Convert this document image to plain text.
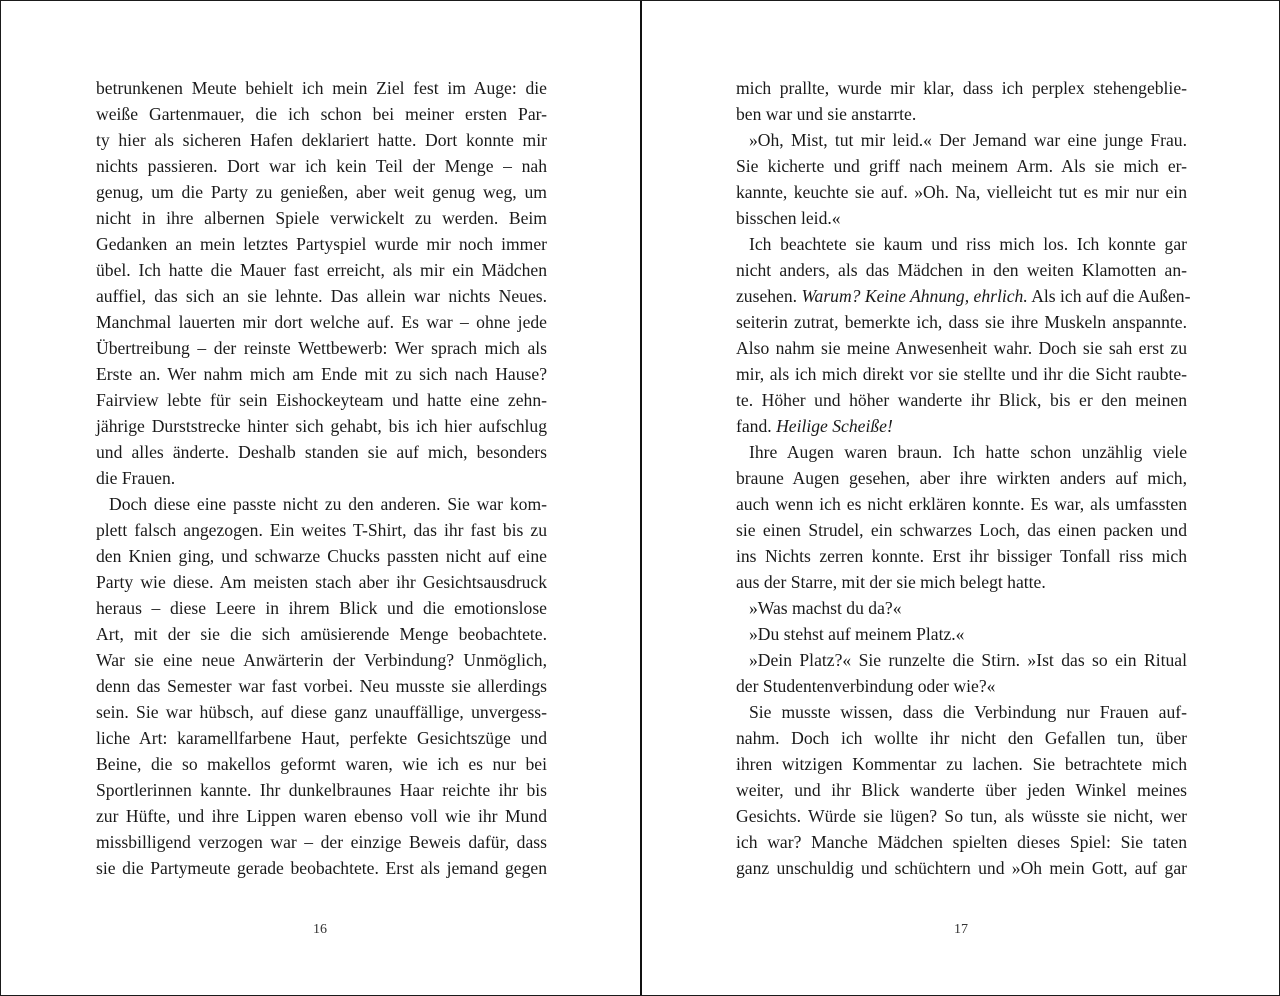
betrunkenen Meute behielt ich mein Ziel fest im Auge: die
weiße Gartenmauer, die ich schon bei meiner ersten Par-
ty hier als sicheren Hafen deklariert hatte. Dort konnte mir
nichts passieren. Dort war ich kein Teil der Menge – nah
genug, um die Party zu genießen, aber weit genug weg, um
nicht in ihre albernen Spiele verwickelt zu werden. Beim
Gedanken an mein letztes Partyspiel wurde mir noch immer
übel. Ich hatte die Mauer fast erreicht, als mir ein Mädchen
auffiel, das sich an sie lehnte. Das allein war nichts Neues.
Manchmal lauerten mir dort welche auf. Es war – ohne jede
Übertreibung – der reinste Wettbewerb: Wer sprach mich als
Erste an. Wer nahm mich am Ende mit zu sich nach Hause?
Fairview lebte für sein Eishockeyteam und hatte eine zehn-
jährige Durststrecke hinter sich gehabt, bis ich hier aufschlug
und alles änderte. Deshalb standen sie auf mich, besonders
die Frauen.
Doch diese eine passte nicht zu den anderen. Sie war kom-
plett falsch angezogen. Ein weites T-Shirt, das ihr fast bis zu
den Knien ging, und schwarze Chucks passten nicht auf eine
Party wie diese. Am meisten stach aber ihr Gesichtsausdruck
heraus – diese Leere in ihrem Blick und die emotionslose
Art, mit der sie die sich amüsierende Menge beobachtete.
War sie eine neue Anwärterin der Verbindung? Unmöglich,
denn das Semester war fast vorbei. Neu musste sie allerdings
sein. Sie war hübsch, auf diese ganz unauffällige, unvergess-
liche Art: karamellfarbene Haut, perfekte Gesichtszüge und
Beine, die so makellos geformt waren, wie ich es nur bei
Sportlerinnen kannte. Ihr dunkelbraunes Haar reichte ihr bis
zur Hüfte, und ihre Lippen waren ebenso voll wie ihr Mund
missbilligend verzogen war – der einzige Beweis dafür, dass
sie die Partymeute gerade beobachtete. Erst als jemand gegen
16
mich prallte, wurde mir klar, dass ich perplex stehengeblie-
ben war und sie anstarrte.
»Oh, Mist, tut mir leid.« Der Jemand war eine junge Frau.
Sie kicherte und griff nach meinem Arm. Als sie mich er-
kannte, keuchte sie auf. »Oh. Na, vielleicht tut es mir nur ein
bisschen leid.«
Ich beachtete sie kaum und riss mich los. Ich konnte gar
nicht anders, als das Mädchen in den weiten Klamotten an-
zusehen. Warum? Keine Ahnung, ehrlich. Als ich auf die Außen-
seiterin zutrat, bemerkte ich, dass sie ihre Muskeln anspannte.
Also nahm sie meine Anwesenheit wahr. Doch sie sah erst zu
mir, als ich mich direkt vor sie stellte und ihr die Sicht raubte-
te. Höher und höher wanderte ihr Blick, bis er den meinen
fand. Heilige Scheiße!
Ihre Augen waren braun. Ich hatte schon unzählig viele
braune Augen gesehen, aber ihre wirkten anders auf mich,
auch wenn ich es nicht erklären konnte. Es war, als umfassten
sie einen Strudel, ein schwarzes Loch, das einen packen und
ins Nichts zerren konnte. Erst ihr bissiger Tonfall riss mich
aus der Starre, mit der sie mich belegt hatte.
»Was machst du da?«
»Du stehst auf meinem Platz.«
»Dein Platz?« Sie runzelte die Stirn. »Ist das so ein Ritual
der Studentenverbindung oder wie?«
Sie musste wissen, dass die Verbindung nur Frauen auf-
nahm. Doch ich wollte ihr nicht den Gefallen tun, über
ihren witzigen Kommentar zu lachen. Sie betrachtete mich
weiter, und ihr Blick wanderte über jeden Winkel meines
Gesichts. Würde sie lügen? So tun, als wüsste sie nicht, wer
ich war? Manche Mädchen spielten dieses Spiel: Sie taten
ganz unschuldig und schüchtern und »Oh mein Gott, auf gar
17
